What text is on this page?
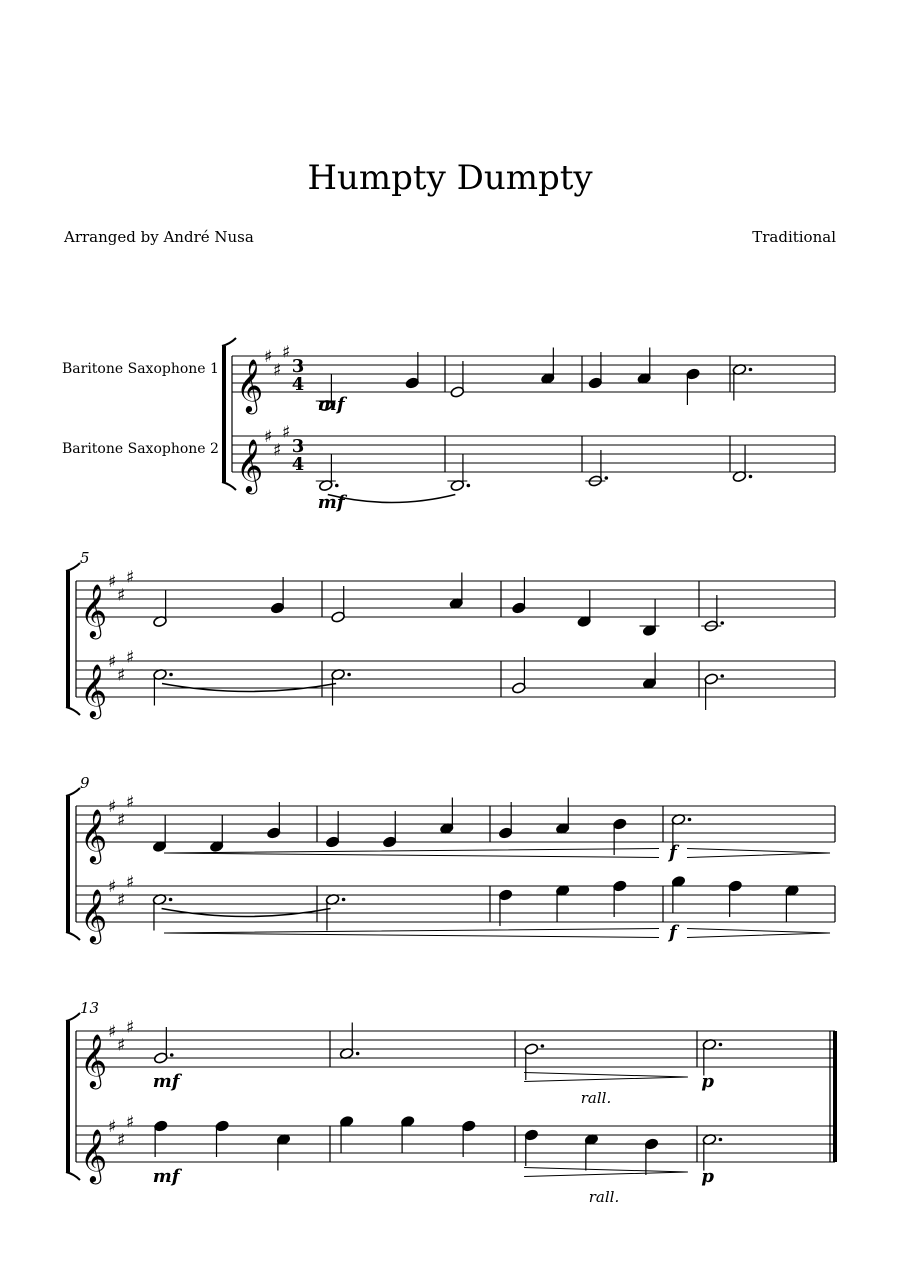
Humpty Dumpty
Arranged by André Nusa	Traditional
Baritone Saxophone 1
Baritone Saxophone 2
𝄞
♯
♯
♯
3
4
𝄞
♯
♯
♯
3
4
mf
mf
𝄞
♯
♯
♯
𝄞
♯
♯
♯
5
𝄞
♯
♯
♯
𝄞
♯
♯
♯
9
f
f
𝄞
♯
♯
♯
𝄞
♯
♯
♯
13
mf
mf
p
p
rall.
rall.
